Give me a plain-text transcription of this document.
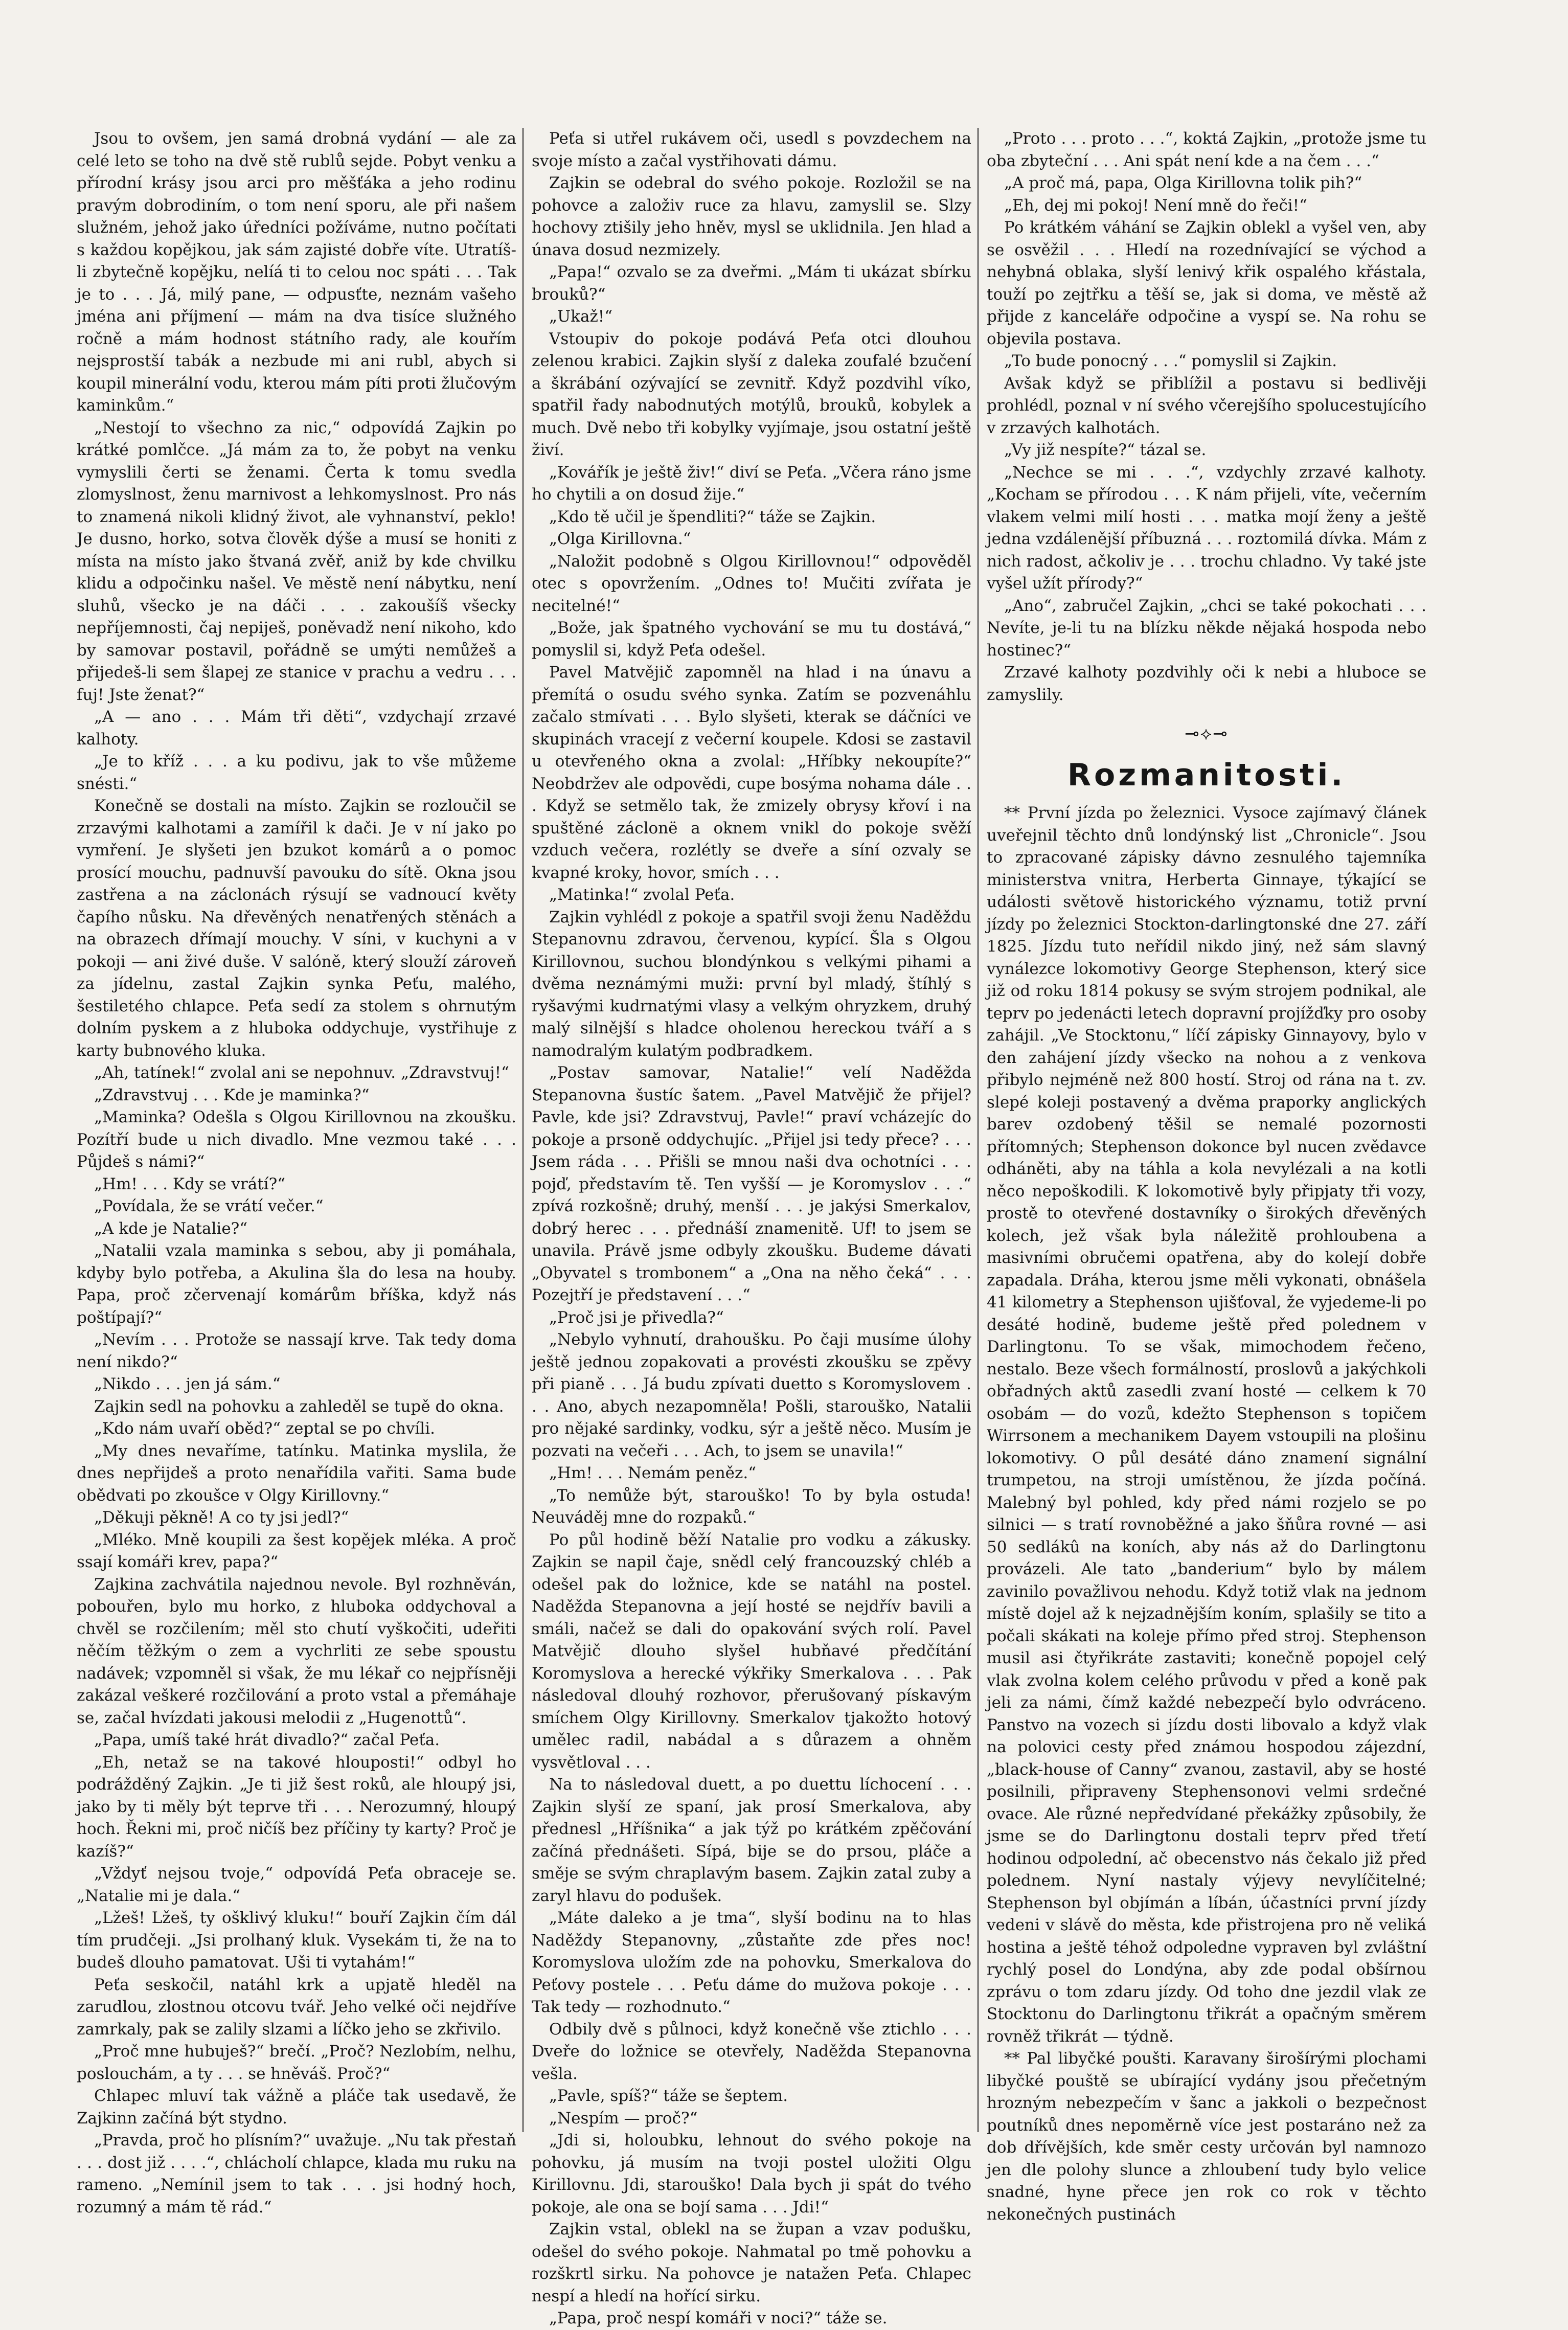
Jsou to ovšem, jen samá drobná vydání — ale za celé leto se toho na dvě stě rublů sejde. Pobyt venku a přírodní krásy jsou arci pro měšťáka a jeho rodinu pravým dobrodiním, o tom není sporu, ale při našem služném, jehož jako úředníci požíváme, nutno počítati s každou kopějkou, jak sám zajisté dobře víte. Utratíš-li zbytečně kopějku, nelíá ti to celou noc spáti . . . Tak je to . . . Já, milý pane, — odpusťte, neznám vašeho jména ani příjmení — mám na dva tisíce služného ročně a mám hodnost státního rady, ale kouřím nejsprostší tabák a nezbude mi ani rubl, abych si koupil minerální vodu, kterou mám píti proti žlučovým kaminkům.“

„Nestojí to všechno za nic,“ odpovídá Zajkin po krátké pomlčce. „Já mám za to, že pobyt na venku vymyslili čerti se ženami. Čerta k tomu svedla zlomyslnost, ženu marnivost a lehkomyslnost. Pro nás to znamená nikoli klidný život, ale vyhnanství, peklo! Je dusno, horko, sotva člověk dýše a musí se honiti z místa na místo jako štvaná zvěř, aniž by kde chvilku klidu a odpočinku našel. Ve městě není nábytku, není sluhů, všecko je na dáči . . . zakoušíš všecky nepříjemnosti, čaj nepiješ, poněvadž není nikoho, kdo by samovar postavil, pořádně se umýti nemůžeš a přijedeš-li sem šlapej ze stanice v prachu a vedru . . . fuj! Jste ženat?“

„A — ano . . . Mám tři děti“, vzdychají zrzavé kalhoty.

„Je to kříž . . . a ku podivu, jak to vše můžeme snésti.“

Konečně se dostali na místo. Zajkin se rozloučil se zrzavými kalhotami a zamířil k dači. Je v ní jako po vymření. Je slyšeti jen bzukot komárů a o pomoc prosící mouchu, padnuvší pavouku do sítě. Okna jsou zastřena a na záclonách rýsují se vadnoucí květy čapího nůsku. Na dřevěných nenatřených stěnách a na obrazech dřímají mouchy. V síni, v kuchyni a v pokoji — ani živé duše. V salóně, který slouží zároveň za jídelnu, zastal Zajkin synka Peťu, malého, šestiletého chlapce. Peťa sedí za stolem s ohrnutým dolním pyskem a z hluboka oddychuje, vystřihuje z karty bubnového kluka.

„Ah, tatínek!“ zvolal ani se nepohnuv. „Zdravstvuj!“

„Zdravstvuj . . . Kde je maminka?“

„Maminka? Odešla s Olgou Kirillovnou na zkoušku. Pozítří bude u nich divadlo. Mne vezmou také . . . Půjdeš s námi?“

„Hm! . . . Kdy se vrátí?“

„Povídala, že se vrátí večer.“

„A kde je Natalie?“

„Natalii vzala maminka s sebou, aby ji pomáhala, kdyby bylo potřeba, a Akulina šla do lesa na houby. Papa, proč zčervenají komárům bříška, když nás poštípají?“

„Nevím . . . Protože se nassají krve. Tak tedy doma není nikdo?“

„Nikdo . . . jen já sám.“

Zajkin sedl na pohovku a zahleděl se tupě do okna.

„Kdo nám uvaří oběd?“ zeptal se po chvíli.

„My dnes nevaříme, tatínku. Matinka myslila, že dnes nepřijdeš a proto nenařídila vařiti. Sama bude obědvati po zkoušce v Olgy Kirillovny.“

„Děkuji pěkně! A co ty jsi jedl?“

„Mléko. Mně koupili za šest kopějek mléka. A proč ssají komáři krev, papa?“

Zajkina zachvátila najednou nevole. Byl rozhněván, pobouřen, bylo mu horko, z hluboka oddychoval a chvěl se rozčilením; měl sto chutí vyškočiti, udeřiti něčím těžkým o zem a vychrliti ze sebe spoustu nadávek; vzpomněl si však, že mu lékař co nejpřísněji zakázal veškeré rozčilování a proto vstal a přemáhaje se, začal hvízdati jakousi melodii z „Hugenottů“.

„Papa, umíš také hrát divadlo?“ začal Peťa.

„Eh, netaž se na takové hlouposti!“ odbyl ho podrážděný Zajkin. „Je ti již šest roků, ale hloupý jsi, jako by ti měly být teprve tři . . . Nerozumný, hloupý hoch. Řekni mi, proč ničíš bez příčiny ty karty? Proč je kazíš?“

„Vždyť nejsou tvoje,“ odpovídá Peťa obraceje se. „Natalie mi je dala.“

„Lžeš! Lžeš, ty ošklivý kluku!“ bouří Zajkin čím dál tím prudčeji. „Jsi prolhaný kluk. Vysekám ti, že na to budeš dlouho pamatovat. Uši ti vytahám!“

Peťa seskočil, natáhl krk a upjatě hleděl na zarudlou, zlostnou otcovu tvář. Jeho velké oči nejdříve zamrkaly, pak se zalily slzami a líčko jeho se zkřivilo.

„Proč mne hubuješ?“ brečí. „Proč? Nezlobím, nelhu, poslouchám, a ty . . . se hněváš. Proč?“

Chlapec mluví tak vážně a pláče tak usedavě, že Zajkinn začíná být stydno.

„Pravda, proč ho plísním?“ uvažuje. „Nu tak přestaň . . . dost již . . . .“, chlácholí chlapce, klada mu ruku na rameno. „Nemínil jsem to tak . . . jsi hodný hoch, rozumný a mám tě rád.“

Peťa si utřel rukávem oči, usedl s povzdechem na svoje místo a začal vystřihovati dámu.

Zajkin se odebral do svého pokoje. Rozložil se na pohovce a založiv ruce za hlavu, zamyslil se. Slzy hochovy ztišily jeho hněv, mysl se uklidnila. Jen hlad a únava dosud nezmizely.

„Papa!“ ozvalo se za dveřmi. „Mám ti ukázat sbírku brouků?“

„Ukaž!“

Vstoupiv do pokoje podává Peťa otci dlouhou zelenou krabici. Zajkin slyší z daleka zoufalé bzučení a škrábání ozývající se zevnitř. Když pozdvihl víko, spatřil řady nabodnutých motýlů, brouků, kobylek a much. Dvě nebo tři kobylky vyjímaje, jsou ostatní ještě živí.

„Kovářík je ještě živ!“ diví se Peťa. „Včera ráno jsme ho chytili a on dosud žije.“

„Kdo tě učil je špendliti?“ táže se Zajkin.

„Olga Kirillovna.“

„Naložit podobně s Olgou Kirillovnou!“ odpověděl otec s opovržením. „Odnes to! Mučiti zvířata je necitelné!“

„Bože, jak špatného vychování se mu tu dostává,“ pomyslil si, když Peťa odešel.

Pavel Matvějič zapomněl na hlad i na únavu a přemítá o osudu svého synka. Zatím se pozvenáhlu začalo stmívati . . . Bylo slyšeti, kterak se dáčníci ve skupinách vracejí z večerní koupele. Kdosi se zastavil u otevřeného okna a zvolal: „Hříbky nekoupíte?“ Neobdržev ale odpovědi, cupe bosýma nohama dále . . . Když se setmělo tak, že zmizely obrysy křoví i na spuštěné záclonë a oknem vnikl do pokoje svěží vzduch večera, rozlétly se dveře a síní ozvaly se kvapné kroky, hovor, smích . . .

„Matinka!“ zvolal Peťa.

Zajkin vyhlédl z pokoje a spatřil svoji ženu Naděždu Stepanovnu zdravou, červenou, kypící. Šla s Olgou Kirillovnou, suchou blondýnkou s velkými pihami a dvěma neznámými muži: první byl mladý, štíhlý s ryšavými kudrnatými vlasy a velkým ohryzkem, druhý malý silnější s hladce oholenou hereckou tváří a s namodralým kulatým podbradkem.

„Postav samovar, Natalie!“ velí Naděžda Stepanovna šustíc šatem. „Pavel Matvějič že přijel? Pavle, kde jsi? Zdravstvuj, Pavle!“ praví vcházejíc do pokoje a prsoně oddychujíc. „Přijel jsi tedy přece? . . . Jsem ráda . . . Přišli se mnou naši dva ochotníci . . . pojď, představím tě. Ten vyšší — je Koromyslov . . .“ zpívá rozkošně; druhý, menší . . . je jakýsi Smerkalov, dobrý herec . . . přednáší znamenitě. Uf! to jsem se unavila. Právě jsme odbyly zkoušku. Budeme dávati „Obyvatel s trombonem“ a „Ona na něho čeká“ . . . Pozejtří je představení . . .“

„Proč jsi je přivedla?“

„Nebylo vyhnutí, drahoušku. Po čaji musíme úlohy ještě jednou zopakovati a provésti zkoušku se zpěvy při pianě . . . Já budu zpívati duetto s Koromyslovem . . . Ano, abych nezapomněla! Pošli, starouško, Natalii pro nějaké sardinky, vodku, sýr a ještě něco. Musím je pozvati na večeři . . . Ach, to jsem se unavila!“

„Hm! . . . Nemám peněz.“

„To nemůže být, starouško! To by byla ostuda! Neuváděj mne do rozpaků.“

Po půl hodině běží Natalie pro vodku a zákusky. Zajkin se napil čaje, snědl celý francouzský chléb a odešel pak do ložnice, kde se natáhl na postel. Naděžda Stepanovna a její hosté se nejdřív bavili a smáli, načež se dali do opakování svých rolí. Pavel Matvějič dlouho slyšel hubňavé předčítání Koromyslova a herecké výkřiky Smerkalova . . . Pak následoval dlouhý rozhovor, přerušovaný pískavým smíchem Olgy Kirillovny. Smerkalov tjakožto hotový umělec radil, nabádal a s důrazem a ohněm vysvětloval . . .

Na to následoval duett, a po duettu líchocení . . . Zajkin slyší ze spaní, jak prosí Smerkalova, aby přednesl „Hříšnika“ a jak týž po krátkém zpěčování začíná přednášeti. Sípá, bije se do prsou, pláče a směje se svým chraplavým basem. Zajkin zatal zuby a zaryl hlavu do podušek.

„Máte daleko a je tma“, slyší bodinu na to hlas Naděždy Stepanovny, „zůstaňte zde přes noc! Koromyslova uložím zde na pohovku, Smerkalova do Peťovy postele . . . Peťu dáme do mužova pokoje . . . Tak tedy — rozhodnuto.“

Odbily dvě s půlnoci, když konečně vše ztichlo . . . Dveře do ložnice se otevřely, Naděžda Stepanovna vešla.

„Pavle, spíš?“ táže se šeptem.

„Nespím — proč?“

„Jdi si, holoubku, lehnout do svého pokoje na pohovku, já musím na tvoji postel uložiti Olgu Kirillovnu. Jdi, starouško! Dala bych ji spát do tvého pokoje, ale ona se bojí sama . . . Jdi!“

Zajkin vstal, oblekl na se župan a vzav podušku, odešel do svého pokoje. Nahmatal po tmě pohovku a rozškrtl sirku. Na pohovce je natažen Peťa. Chlapec nespí a hledí na hořící sirku.

„Papa, proč nespí komáři v noci?“ táže se.

„Proto . . . proto . . .“, koktá Zajkin, „protože jsme tu oba zbyteční . . . Ani spát není kde a na čem . . .“

„A proč má, papa, Olga Kirillovna tolik pih?“

„Eh, dej mi pokoj! Není mně do řeči!“

Po krátkém váhání se Zajkin oblekl a vyšel ven, aby se osvěžil . . . Hledí na rozednívající se východ a nehybná oblaka, slyší lenivý křik ospalého křástala, touží po zejtřku a těší se, jak si doma, ve městě až přijde z kanceláře odpočine a vyspí se. Na rohu se objevila postava.

„To bude ponocný . . .“ pomyslil si Zajkin.

Avšak když se přiblížil a postavu si bedlivěji prohlédl, poznal v ní svého včerejšího spolucestujícího v zrzavých kalhotách.

„Vy již nespíte?“ tázal se.

„Nechce se mi . . .“, vzdychly zrzavé kalhoty. „Kocham se přírodou . . . K nám přijeli, víte, večerním vlakem velmi milí hosti . . . matka mojí ženy a ještě jedna vzdálenější příbuzná . . . roztomilá dívka. Mám z nich radost, ačkoliv je . . . trochu chladno. Vy také jste vyšel užít přírody?“

„Ano“, zabručel Zajkin, „chci se také pokochati . . . Nevíte, je-li tu na blízku někde nějaká hospoda nebo hostinec?“

Zrzavé kalhoty pozdvihly oči k nebi a hluboce se zamyslily.

⊸⟡⊸
Rozmanitosti.

** První jízda po železnici. Vysoce zajímavý článek uveřejnil těchto dnů londýnský list „Chronicle“. Jsou to zpracované zápisky dávno zesnulého tajemníka ministerstva vnitra, Herberta Ginnaye, týkající se události světově historického významu, totiž první jízdy po železnici Stockton-darlingtonské dne 27. září 1825. Jízdu tuto neřídil nikdo jiný, než sám slavný vynálezce lokomotivy George Stephenson, který sice již od roku 1814 pokusy se svým strojem podnikal, ale teprv po jedenácti letech dopravní projížďky pro osoby zahájil. „Ve Stocktonu,“ líčí zápisky Ginnayovy, bylo v den zahájení jízdy všecko na nohou a z venkova přibylo nejméně než 800 hostí. Stroj od rána na t. zv. slepé koleji postavený a dvěma praporky anglických barev ozdobený těšil se nemalé pozornosti přítomných; Stephenson dokonce byl nucen zvědavce odháněti, aby na táhla a kola nevylézali a na kotli něco nepoškodili. K lokomotivě byly připjaty tři vozy, prostě to otevřené dostavníky o širokých dřevěných kolech, jež však byla náležitě prohloubena a masivními obručemi opatřena, aby do kolejí dobře zapadala. Dráha, kterou jsme měli vykonati, obnášela 41 kilometry a Stephenson ujišťoval, že vyjedeme-li po desáté hodině, budeme ještě před polednem v Darlingtonu. To se však, mimochodem řečeno, nestalo. Beze všech formálností, proslovů a jakýchkoli obřadných aktů zasedli zvaní hosté — celkem k 70 osobám — do vozů, kdežto Stephenson s topičem Wirrsonem a mechanikem Dayem vstoupili na plošinu lokomotivy. O půl desáté dáno znamení signální trumpetou, na stroji umístěnou, že jízda počíná. Malebný byl pohled, kdy před námi rozjelo se po silnici — s tratí rovnoběžné a jako šňůra rovné — asi 50 sedlákû na koních, aby nás až do Darlingtonu provázeli. Ale tato „banderium“ bylo by málem zavinilo považlivou nehodu. Když totiž vlak na jednom místě dojel až k nejzadnějším koním, splašily se tito a počali skákati na koleje přímo před stroj. Stephenson musil asi čtyřikráte zastaviti; konečně popojel celý vlak zvolna kolem celého průvodu v před a koně pak jeli za námi, čímž každé nebezpečí bylo odvráceno. Panstvo na vozech si jízdu dosti libovalo a když vlak na polovici cesty před známou hospodou zájezdní, „black-house of Canny“ zvanou, zastavil, aby se hosté posilnili, připraveny Stephensonovi velmi srdečné ovace. Ale různé nepředvídané překážky způsobily, že jsme se do Darlingtonu dostali teprv před třetí hodinou odpolední, ač obecenstvo nás čekalo již před polednem. Nyní nastaly výjevy nevylíčitelné; Stephenson byl objímán a líbán, účastníci první jízdy vedeni v slávě do města, kde přistrojena pro ně veliká hostina a ještě téhož odpoledne vypraven byl zvláštní rychlý posel do Londýna, aby zde podal obšírnou zprávu o tom zdaru jízdy. Od toho dne jezdil vlak ze Stocktonu do Darlingtonu třikrát a opačným směrem rovněž třikrát — týdně.

** Pal libyčké poušti. Karavany širošírými plochami libyčké pouště se ubírající vydány jsou přečetným hrozným nebezpečím v šanc a jakkoli o bezpečnost poutníků dnes nepoměrně více jest postaráno než za dob dřívějších, kde směr cesty určován byl namnozo jen dle polohy slunce a zhloubení tudy bylo velice snadné, hyne přece jen rok co rok v těchto nekonečných pustinách
